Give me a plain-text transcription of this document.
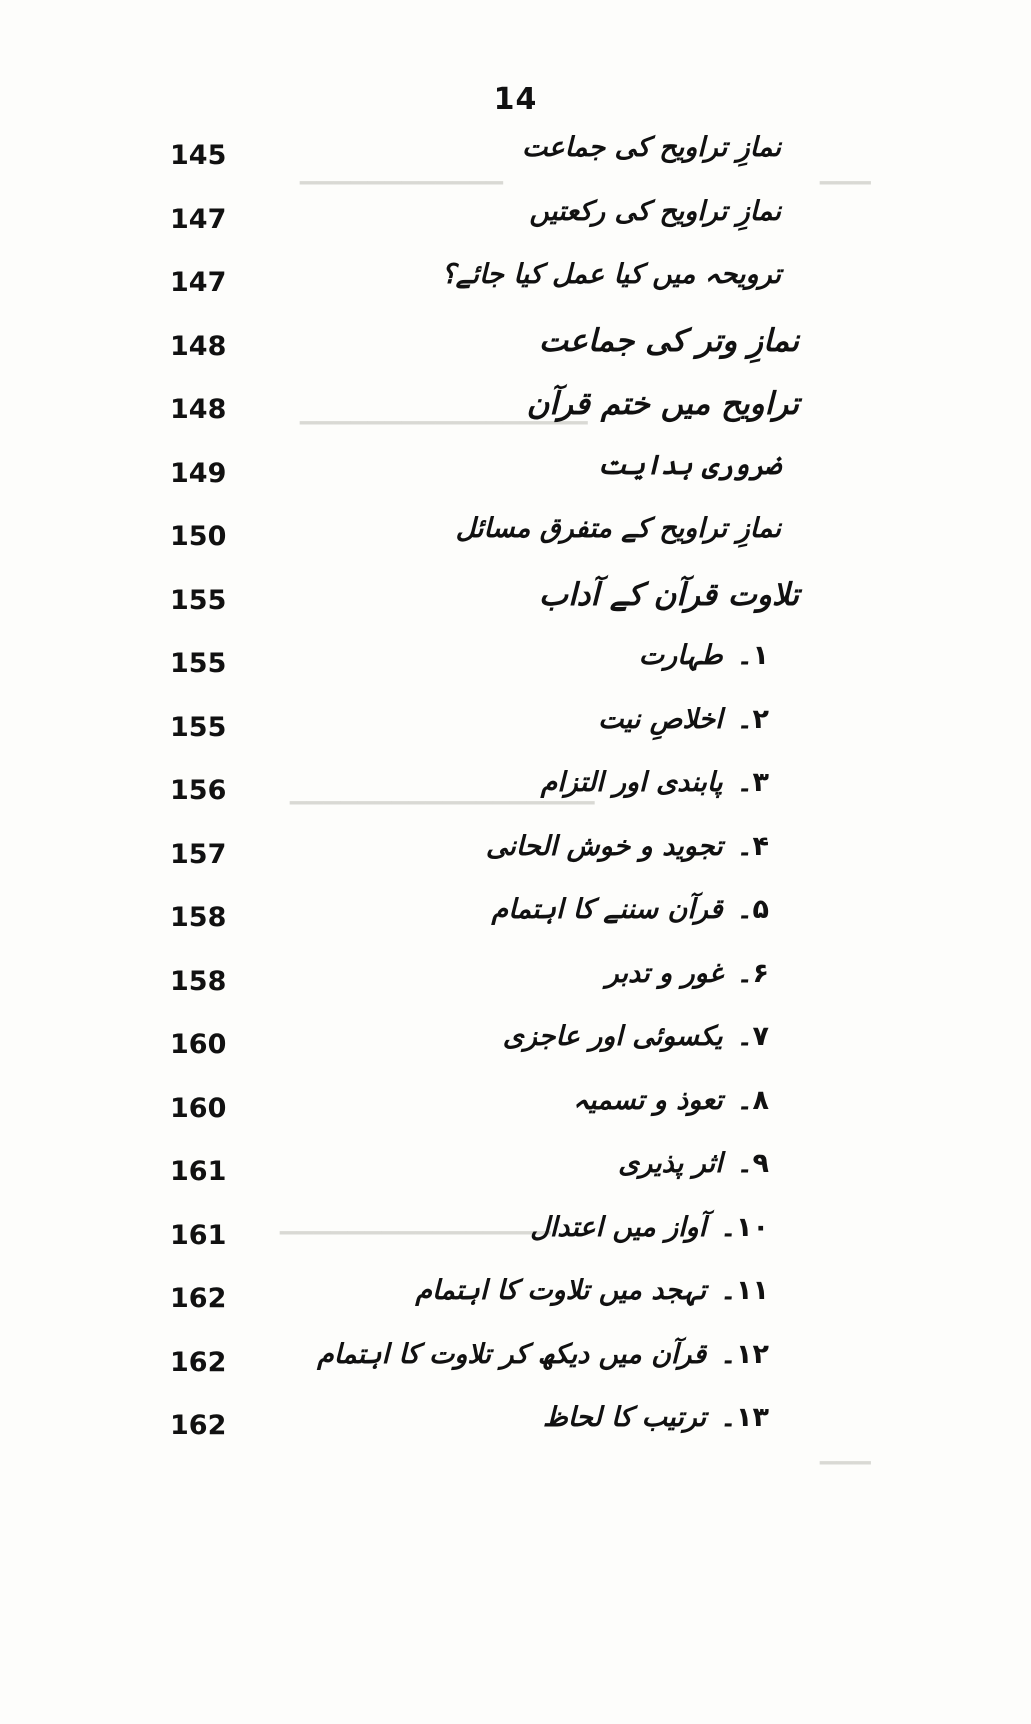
▁▁▁
▁▁▁▁▁▁▁▁▁▁▁▁
▁▁▁▁▁▁▁▁▁▁▁▁▁▁▁▁▁
▁▁▁▁▁▁▁▁▁▁▁▁▁▁▁▁▁▁
▁▁▁▁▁▁▁▁▁▁▁▁▁▁▁▁
▁▁▁
14
145	نمازِ تراویح کی جماعت
147	نمازِ تراویح کی رکعتیں
147	ترویحہ میں کیا عمل کیا جائے؟
148	نمازِ وتر کی جماعت
148	تراویح میں ختم قرآن
149	ضروری ہدایت
150	نمازِ تراویح کے متفرق مسائل
155	تلاوت قرآن کے آداب
155	۱۔طہارت
155	۲۔اخلاصِ نیت
156	۳۔پابندی اور التزام
157	۴۔تجوید و خوش الحانی
158	۵۔قرآن سننے کا اہتمام
158	۶۔غور و تدبر
160	۷۔یکسوئی اور عاجزی
160	۸۔تعوذ و تسمیہ
161	۹۔اثر پذیری
161	۱۰۔آواز میں اعتدال
162	۱۱۔تہجد میں تلاوت کا اہتمام
162	۱۲۔قرآن میں دیکھ کر تلاوت کا اہتمام
162	۱۳۔ترتیب کا لحاظ
